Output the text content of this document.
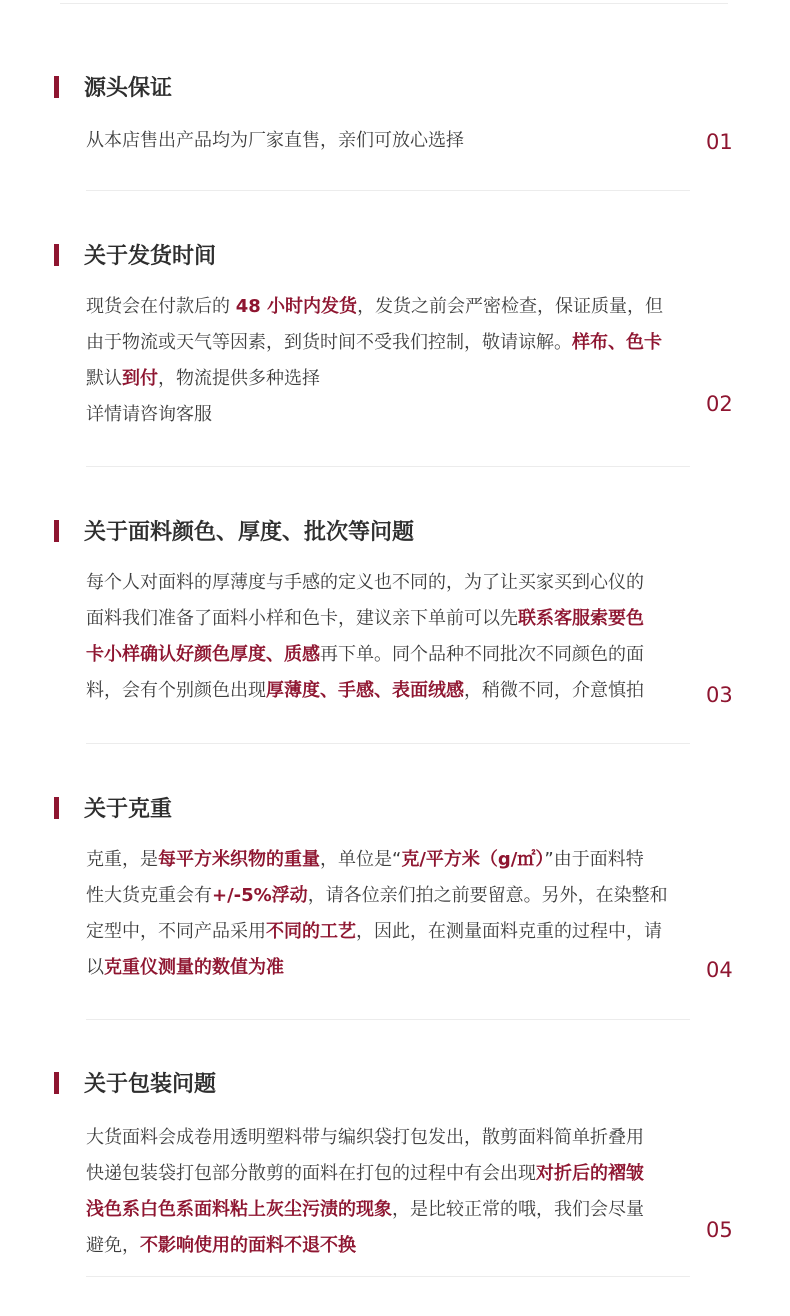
源头保证
从本店售出产品均为厂家直售，亲们可放心选择	01
关于发货时间
现货会在付款后的 48 小时内发货，发货之前会严密检查，保证质量，但
由于物流或天气等因素，到货时间不受我们控制，敬请谅解。样布、色卡
默认到付，物流提供多种选择
详情请咨询客服	02
关于面料颜色、厚度、批次等问题
每个人对面料的厚薄度与手感的定义也不同的，为了让买家买到心仪的
面料我们准备了面料小样和色卡，建议亲下单前可以先联系客服索要色
卡小样确认好颜色厚度、质感再下单。同个品种不同批次不同颜色的面
料，会有个别颜色出现厚薄度、手感、表面绒感，稍微不同，介意慎拍	03
关于克重
克重，是每平方米织物的重量，单位是“克/平方米（g/㎡）”由于面料特
性大货克重会有+/-5%浮动，请各位亲们拍之前要留意。另外，在染整和
定型中，不同产品采用不同的工艺，因此，在测量面料克重的过程中，请
以克重仪测量的数值为准	04
关于包装问题
大货面料会成卷用透明塑料带与编织袋打包发出，散剪面料简单折叠用
快递包装袋打包部分散剪的面料在打包的过程中有会出现对折后的褶皱
浅色系白色系面料粘上灰尘污渍的现象，是比较正常的哦，我们会尽量
避免，不影响使用的面料不退不换
05
